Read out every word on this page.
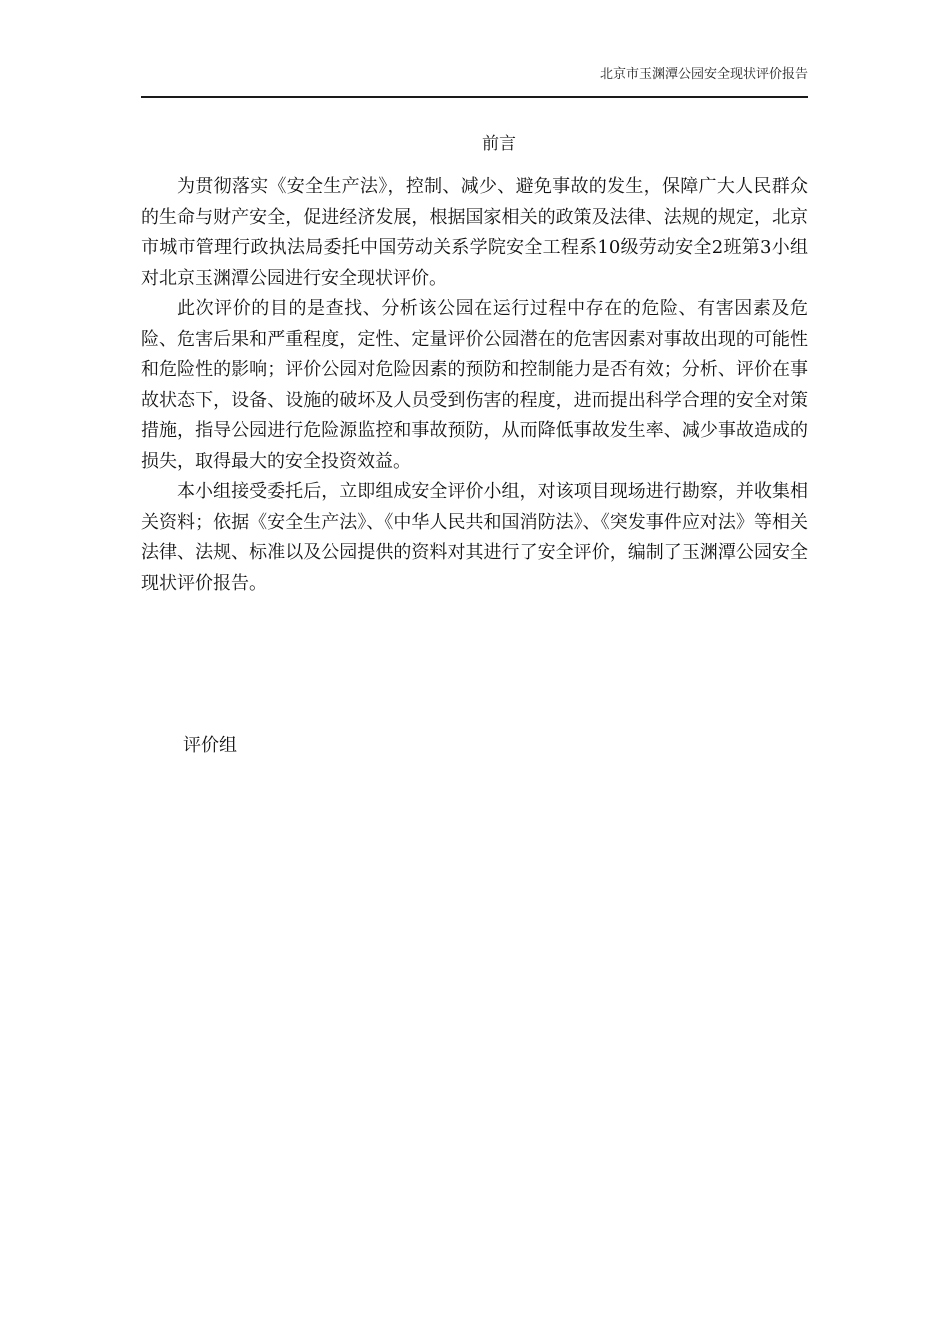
北京市玉渊潭公园安全现状评价报告
前言

为贯彻落实《安全生产法》，控制、减少、避免事故的发生，保障广大人民群众的生命与财产安全，促进经济发展，根据国家相关的政策及法律、法规的规定，北京市城市管理行政执法局委托中国劳动关系学院安全工程系10级劳动安全2班第3小组对北京玉渊潭公园进行安全现状评价。

此次评价的目的是查找、分析该公园在运行过程中存在的危险、有害因素及危险、危害后果和严重程度，定性、定量评价公园潜在的危害因素对事故出现的可能性和危险性的影响；评价公园对危险因素的预防和控制能力是否有效；分析、评价在事故状态下，设备、设施的破坏及人员受到伤害的程度，进而提出科学合理的安全对策措施，指导公园进行危险源监控和事故预防，从而降低事故发生率、减少事故造成的损失，取得最大的安全投资效益。

本小组接受委托后，立即组成安全评价小组，对该项目现场进行勘察，并收集相关资料；依据《安全生产法》、《中华人民共和国消防法》、《突发事件应对法》等相关法律、法规、标准以及公园提供的资料对其进行了安全评价，编制了玉渊潭公园安全现状评价报告。

评价组
